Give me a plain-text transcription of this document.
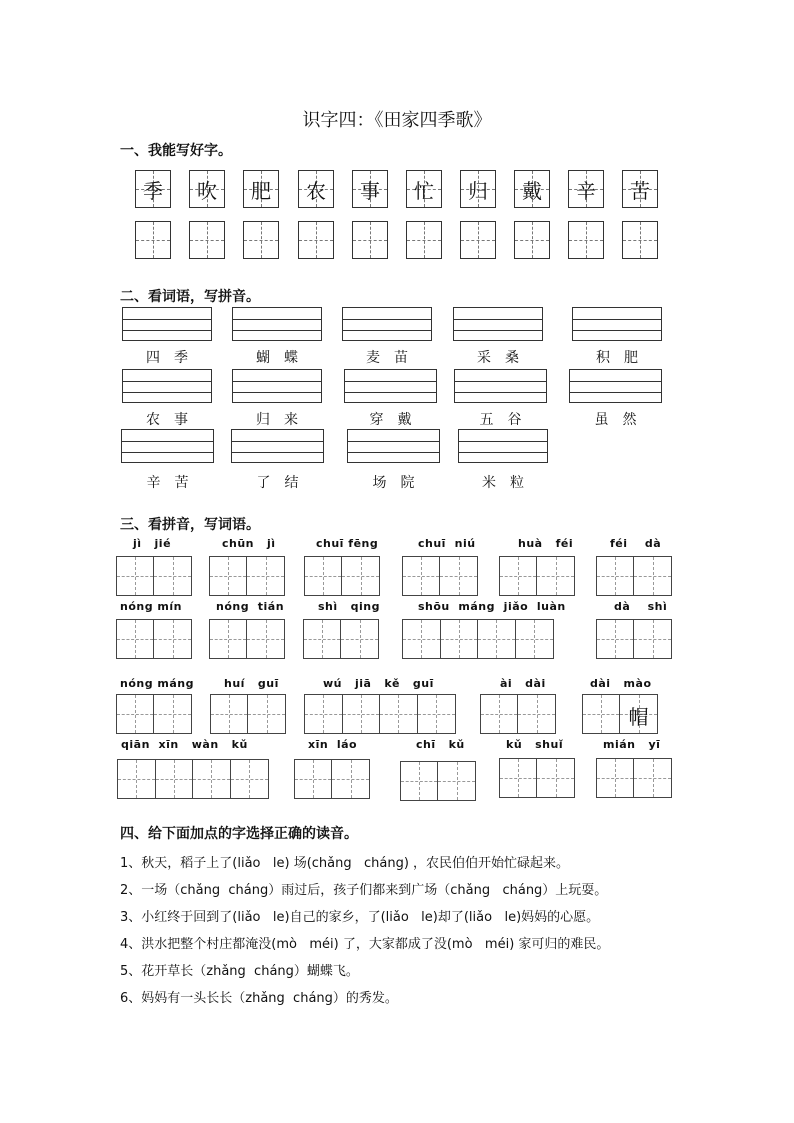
识字四：《田家四季歌》
一、我能写好字。
季	吹	肥	农	事	忙	归	戴	辛	苦
二、看词语，写拼音。
四季	蝴蝶	麦苗	采桑	积肥
农事	归来	穿戴	五谷	虽然
辛苦	了结	场院	米粒
三、看拼音，写词语。
jì   jié	chūn   jì	chuī fēng	chuī  niú	huà   féi	féi    dà
nóng mín	nóng  tián	shì   qing	shōu  máng  jiǎo  luàn	dà    shì
nóng máng	huí   guī	wú   jiā   kě   guī	ài   dài	dài   mào
帽
qiān  xīn   wàn   kǔ	xīn  láo	chī   kǔ	kǔ   shuǐ	mián   yī
四、给下面加点的字选择正确的读音。
1、秋天，稻子上了(liǎo   le) 场(chǎng   cháng) ，农民伯伯开始忙碌起来。
2、一场（chǎng  cháng）雨过后，孩子们都来到广场（chǎng   cháng）上玩耍。
3、小红终于回到了(liǎo   le)自己的家乡，了(liǎo   le)却了(liǎo   le)妈妈的心愿。
4、洪水把整个村庄都淹没(mò   méi) 了，大家都成了没(mò   méi) 家可归的难民。
5、花开草长（zhǎng  cháng）蝴蝶飞。
6、妈妈有一头长长（zhǎng  cháng）的秀发。
